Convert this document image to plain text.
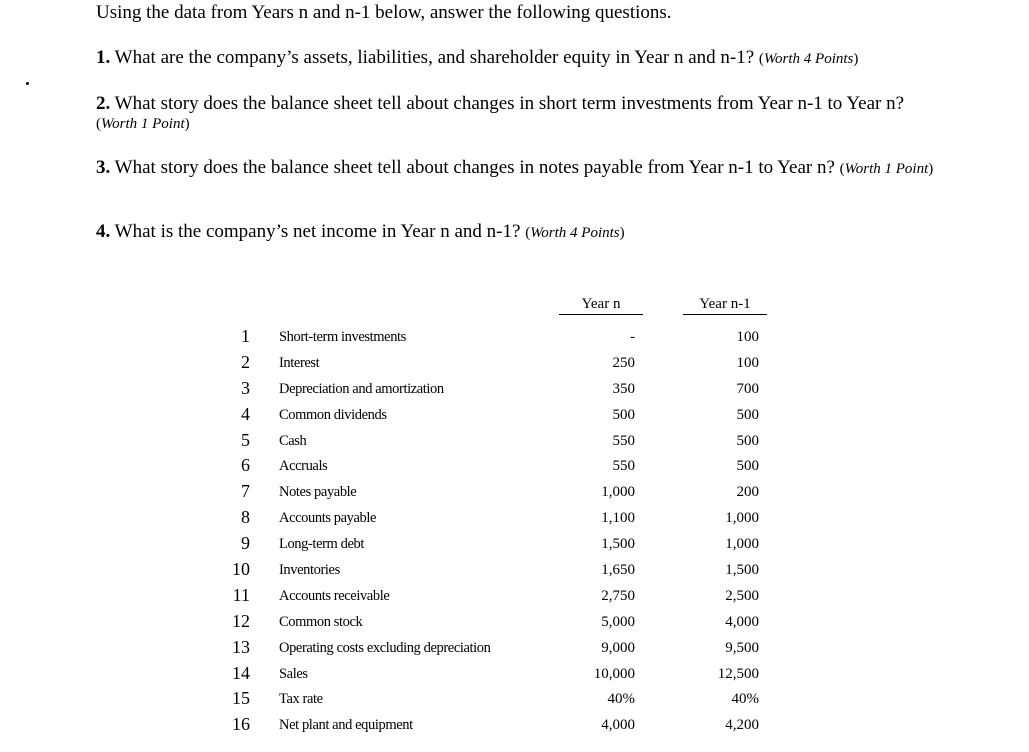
Using the data from Years n and n-1 below, answer the following questions.
1. What are the company’s assets, liabilities, and shareholder equity in Year n and n-1? (Worth 4 Points)
2. What story does the balance sheet tell about changes in short term investments from Year n-1 to Year n?
(Worth 1 Point)
3. What story does the balance sheet tell about changes in notes payable from Year n-1 to Year n? (Worth 1 Point)
4. What is the company’s net income in Year n and n-1? (Worth 4 Points)
Year n	Year n-1
1 Short-term investments	-	100
2 Interest	250	100
3 Depreciation and amortization	350	700
4 Common dividends	500	500
5 Cash	550	500
6 Accruals	550	500
7 Notes payable	1,000	200
8 Accounts payable	1,100	1,000
9 Long-term debt	1,500	1,000
10 Inventories	1,650	1,500
11 Accounts receivable	2,750	2,500
12 Common stock	5,000	4,000
13 Operating costs excluding depreciation	9,000	9,500
14 Sales	10,000	12,500
15 Tax rate	40%	40%
16 Net plant and equipment	4,000	4,200
